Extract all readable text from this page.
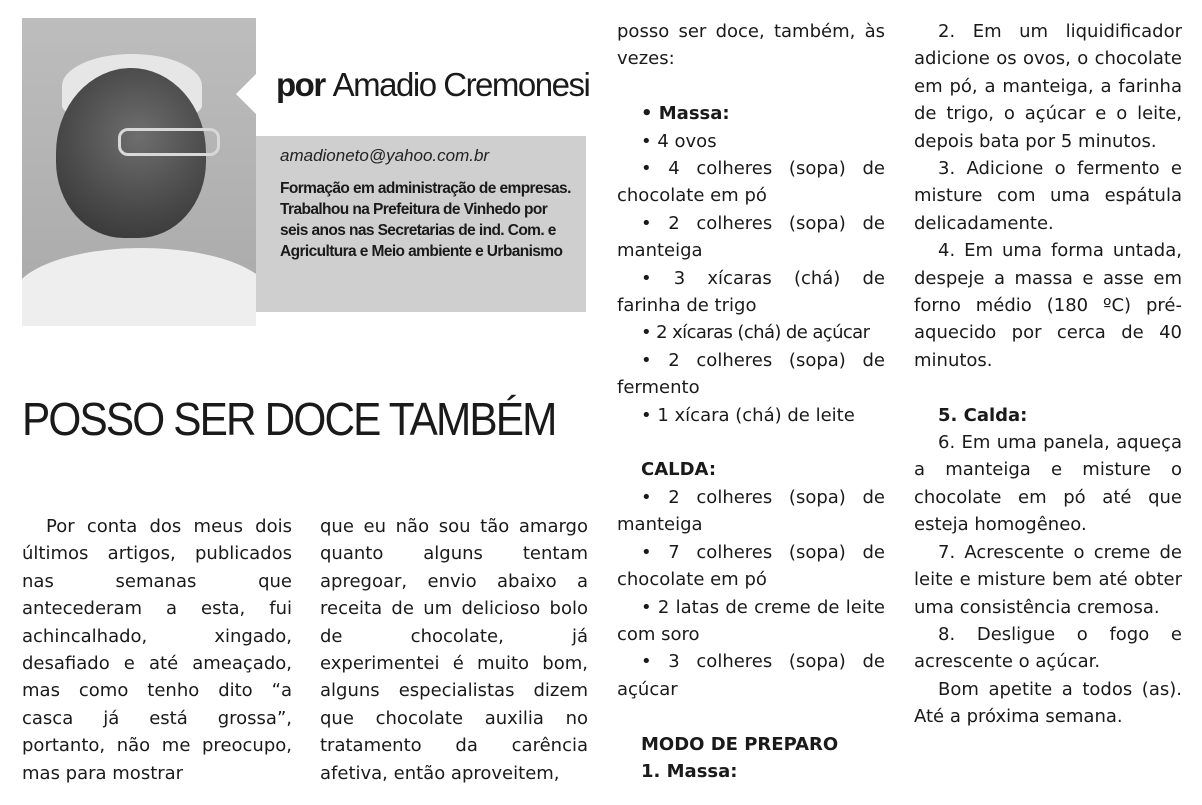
por Amadio Cremonesi

amadioneto@yahoo.com.br

Formação em administração de empresas. Trabalhou na Prefeitura de Vinhedo por seis anos nas Secretarias de ind. Com. e Agricultura e Meio ambiente e Urbanismo

POSSO SER DOCE TAMBÉM

Por conta dos meus dois últimos artigos, publicados nas semanas que antecederam a esta, fui achincalhado, xingado, desafiado e até ameaçado, mas como tenho dito “a casca já está grossa”, portanto, não me preocupo, mas para mostrar

que eu não sou tão amargo quanto alguns tentam apregoar, envio abaixo a receita de um delicioso bolo de chocolate, já experimentei é muito bom, alguns especialistas dizem que chocolate auxilia no tratamento da carência afetiva, então aproveitem,

posso ser doce, também, às vezes:

• Massa:

• 4 ovos

• 4 colheres (sopa) de chocolate em pó

• 2 colheres (sopa) de manteiga

• 3 xícaras (chá) de farinha de trigo

• 2 xícaras (chá) de açúcar

• 2 colheres (sopa) de fermento

• 1 xícara (chá) de leite

CALDA:

• 2 colheres (sopa) de manteiga

• 7 colheres (sopa) de chocolate em pó

• 2 latas de creme de leite com soro

• 3 colheres (sopa) de açúcar

MODO DE PREPARO

1. Massa:

2. Em um liquidificador adicione os ovos, o chocolate em pó, a manteiga, a farinha de trigo, o açúcar e o leite, depois bata por 5 minutos.

3. Adicione o fermento e misture com uma espátula delicadamente.

4. Em uma forma untada, despeje a massa e asse em forno médio (180 ºC) pré-aquecido por cerca de 40 minutos.

5. Calda:

6. Em uma panela, aqueça a manteiga e misture o chocolate em pó até que esteja homogêneo.

7. Acrescente o creme de leite e misture bem até obter uma consistência cremosa.

8. Desligue o fogo e acrescente o açúcar.

Bom apetite a todos (as). Até a próxima semana.
